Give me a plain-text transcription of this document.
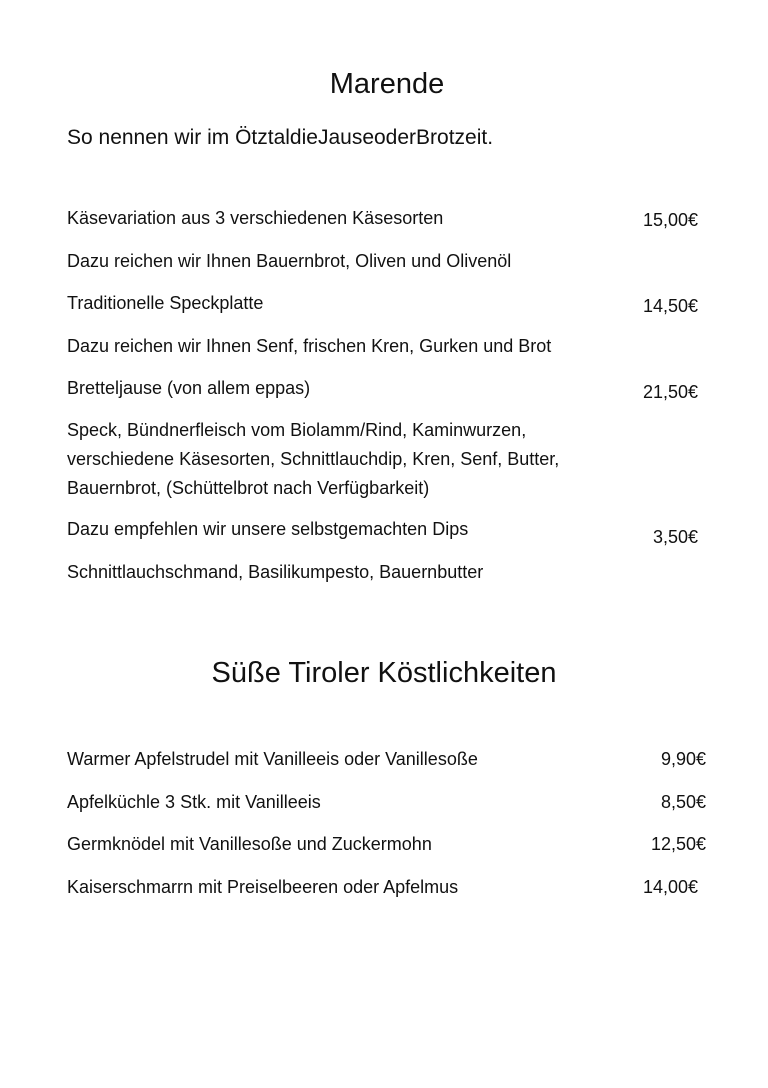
Marende
So nennen wir im ÖtztaldieJauseoderBrotzeit.
Käsevariation aus 3 verschiedenen Käsesorten	15,00€
Dazu reichen wir Ihnen Bauernbrot, Oliven und Olivenöl
Traditionelle Speckplatte	14,50€
Dazu reichen wir Ihnen Senf, frischen Kren, Gurken und Brot
Bretteljause (von allem eppas)	21,50€
Speck, Bündnerfleisch vom Biolamm/Rind, Kaminwurzen,
verschiedene Käsesorten, Schnittlauchdip, Kren, Senf, Butter,
Bauernbrot, (Schüttelbrot nach Verfügbarkeit)
Dazu empfehlen wir unsere selbstgemachten Dips	3,50€
Schnittlauchschmand, Basilikumpesto, Bauernbutter
Süße Tiroler Köstlichkeiten
Warmer Apfelstrudel mit Vanilleeis oder Vanillesoße	9,90€
Apfelküchle 3 Stk. mit Vanilleeis	8,50€
Germknödel mit Vanillesoße und Zuckermohn	12,50€
Kaiserschmarrn mit Preiselbeeren oder Apfelmus	14,00€
